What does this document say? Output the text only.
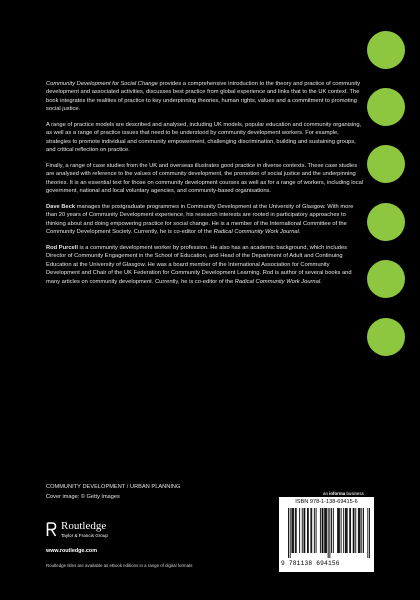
Community Development for Social Change provides a comprehensive introduction to the theory and practice of community development and associated activities, discusses best practice from global experience and links that to the UK context. The book integrates the realities of practice to key underpinning theories, human rights, values and a commitment to promoting social justice.

A range of practice models are described and analysed, including UK models, popular education and community organising, as well as a range of practice issues that need to be understood by community development workers. For example, strategies to promote individual and community empowerment, challenging discrimination, building and sustaining groups, and critical reflection on practice.

Finally, a range of case studies from the UK and overseas illustrates good practice in diverse contexts. These case studies are analysed with reference to the values of community development, the promotion of social justice and the underpinning theories. It is an essential text for those on community development courses as well as for a range of workers, including local government, national and local voluntary agencies, and community-based organisations.

Dave Beck manages the postgraduate programmes in Community Development at the University of Glasgow. With more than 20 years of Community Development experience, his research interests are rooted in participatory approaches to thinking about and doing empowering practice for social change. He is a member of the International Committee of the Community Development Society. Currently, he is co-editor of the Radical Community Work Journal.
Rod Purcell is a community development worker by profession. He also has an academic background, which includes Director of Community Engagement in the School of Education, and Head of the Department of Adult and Continuing Education at the University of Glasgow. He was a board member of the International Association for Community Development and Chair of the UK Federation for Community Development Learning. Rod is author of several books and many articles on community development. Currently, he is co-editor of the Radical Community Work Journal.
COMMUNITY DEVELOPMENT / URBAN PLANNING
Cover image: © Getty Images
Routledge
Taylor & Francis Group
www.routledge.com
Routledge titles are available as eBook editions in a range of digital formats
an informa business
ISBN 978-1-138-69415-6
9 781138 694156
